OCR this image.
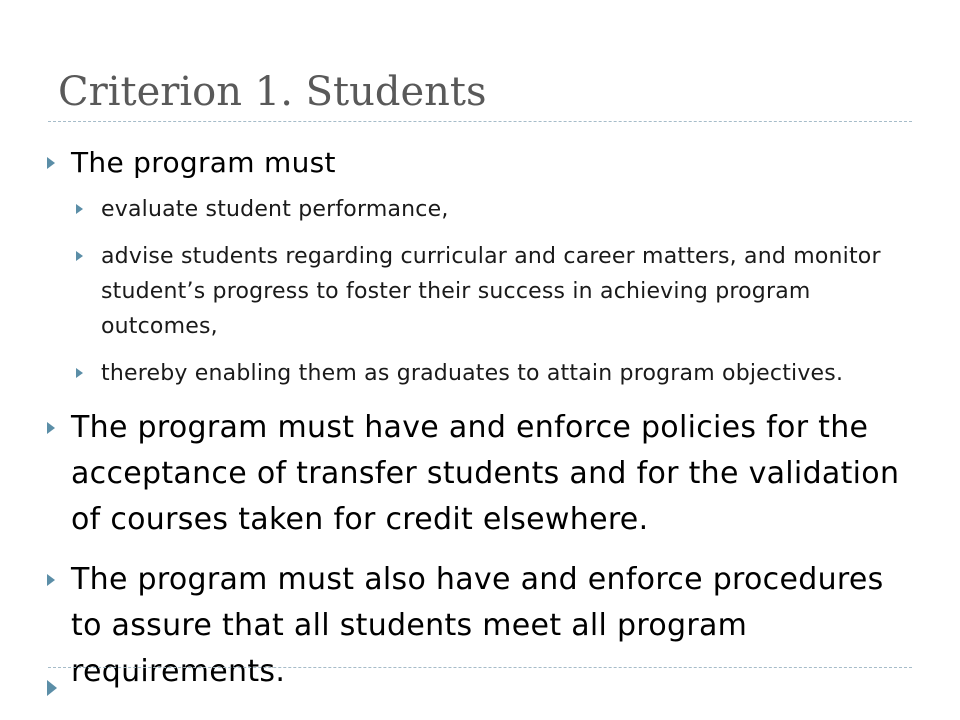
Criterion 1. Students
The program must
evaluate student performance,
advise students regarding curricular and career matters, and monitor student’s progress to foster their success in achieving program outcomes,
thereby enabling them as graduates to attain program objectives.
The program must have and enforce policies for the acceptance of transfer students and for the validation of courses taken for credit elsewhere.
The program must also have and enforce procedures to assure that all students meet all program requirements.
